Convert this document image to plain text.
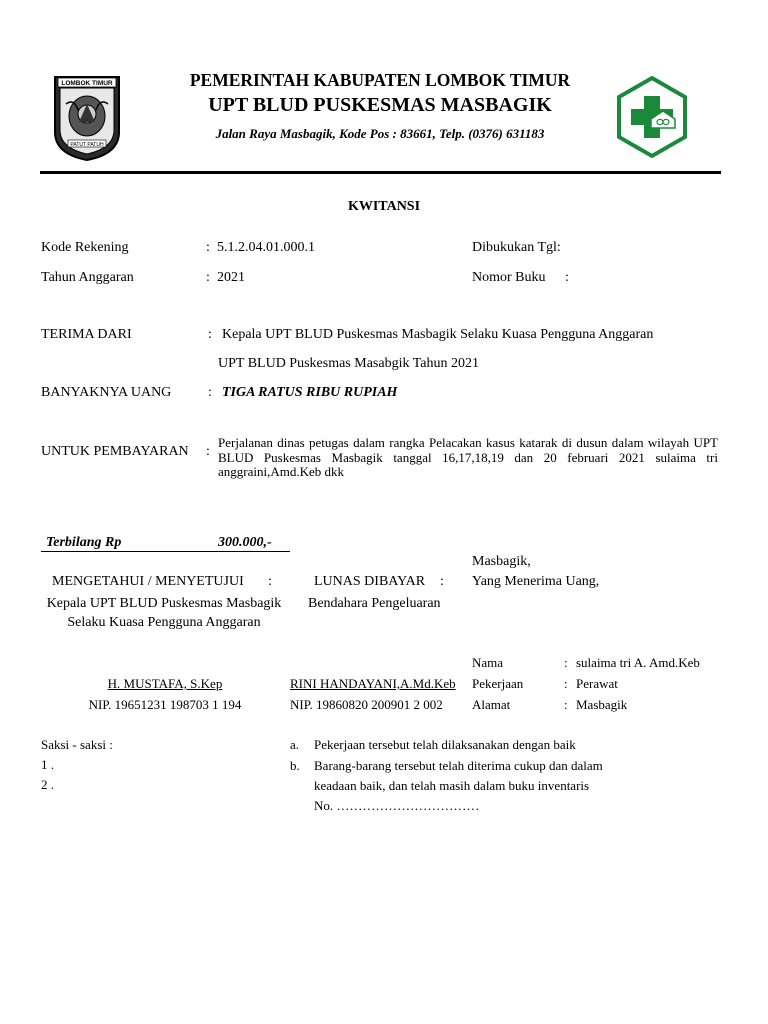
LOMBOK TIMUR
PATUT PATUH
PEMERINTAH KABUPATEN LOMBOK TIMUR
UPT BLUD PUSKESMAS MASBAGIK
Jalan Raya Masbagik, Kode Pos : 83661, Telp. (0376) 631183
KWITANSI
Kode Rekening	: 5.1.2.04.01.000.1
Tahun Anggaran	: 2021
Dibukukan Tgl:
Nomor Buku :
TERIMA DARI	: Kepala UPT BLUD Puskesmas Masbagik Selaku Kuasa Pengguna Anggaran
UPT BLUD Puskesmas Masabgik Tahun 2021
BANYAKNYA UANG	: TIGA RATUS RIBU RUPIAH
UNTUK PEMBAYARAN :
Perjalanan dinas petugas dalam rangka Pelacakan kasus katarak di dusun dalam wilayah UPT BLUD Puskesmas Masbagik tanggal 16,17,18,19 dan 20 februari 2021 sulaima tri anggraini,Amd.Keb dkk
Terbilang Rp	300.000,-
Masbagik,
MENGETAHUI / MENYETUJUI :
Kepala UPT BLUD Puskesmas Masbagik
Selaku Kuasa Pengguna Anggaran
LUNAS DIBAYAR :
Bendahara Pengeluaran
Yang Menerima Uang,
Nama	: sulaima tri A. Amd.Keb
Pekerjaan	: Perawat
Alamat	: Masbagik
H. MUSTAFA, S.Kep
NIP. 19651231 198703 1 194
RINI HANDAYANI,A.Md.Keb
NIP. 19860820 200901 2 002
Saksi - saksi :
1 .
2 .
a. Pekerjaan tersebut telah dilaksanakan dengan baik
b. Barang-barang tersebut telah diterima cukup dan dalam
keadaan baik, dan telah masih dalam buku inventaris
No. ……………………………
